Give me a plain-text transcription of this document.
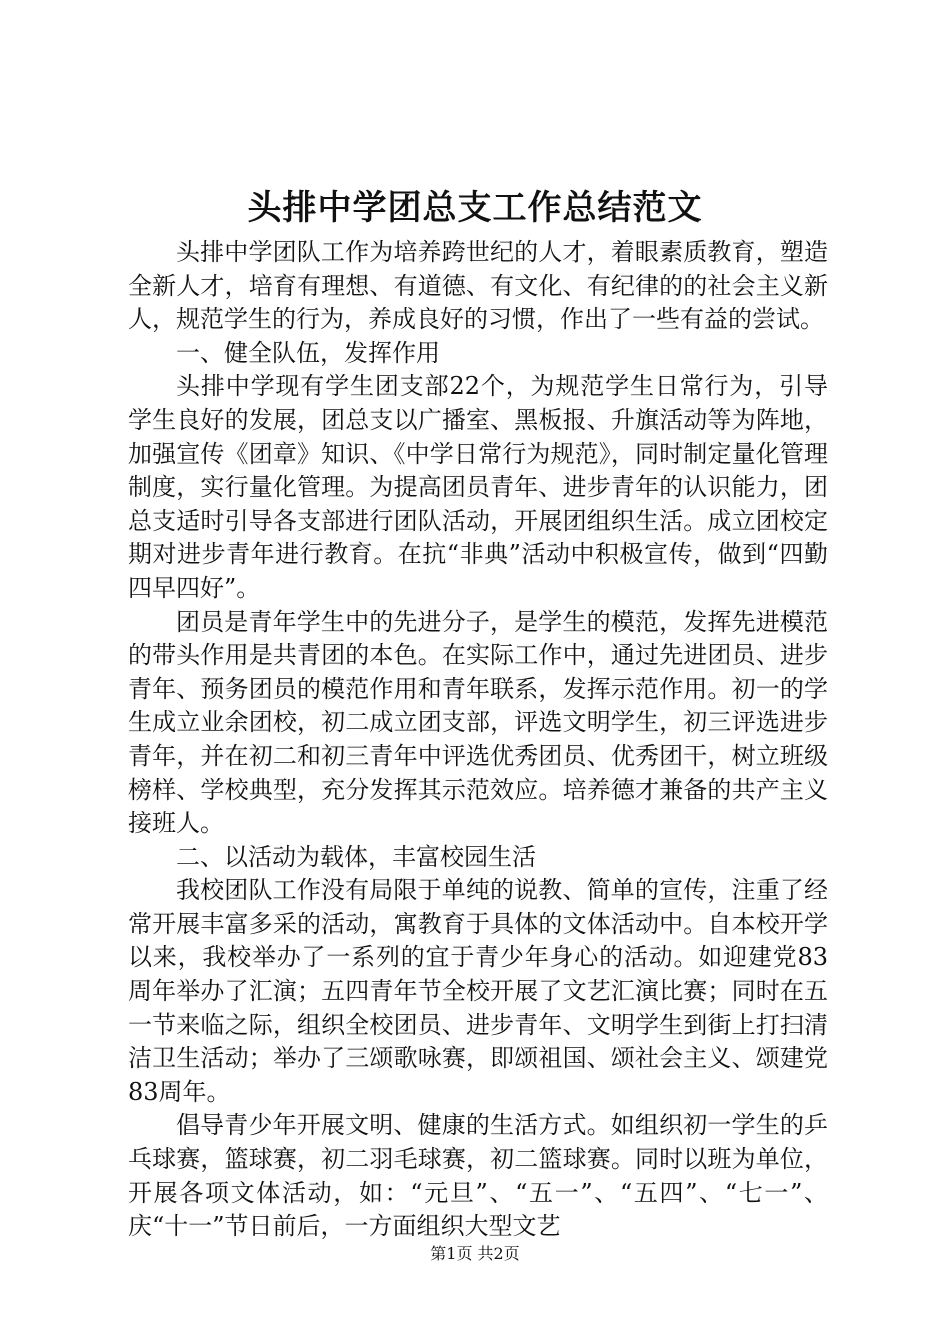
头排中学团总支工作总结范文

头排中学团队工作为培养跨世纪的人才，着眼素质教育，塑造全新人才，培育有理想、有道德、有文化、有纪律的的社会主义新人，规范学生的行为，养成良好的习惯，作出了一些有益的尝试。

一、健全队伍，发挥作用

头排中学现有学生团支部22个，为规范学生日常行为，引导学生良好的发展，团总支以广播室、黑板报、升旗活动等为阵地，加强宣传《团章》知识、《中学日常行为规范》，同时制定量化管理制度，实行量化管理。为提高团员青年、进步青年的认识能力，团总支适时引导各支部进行团队活动，开展团组织生活。成立团校定期对进步青年进行教育。在抗“非典”活动中积极宣传，做到“四勤四早四好”。

团员是青年学生中的先进分子，是学生的模范，发挥先进模范的带头作用是共青团的本色。在实际工作中，通过先进团员、进步青年、预务团员的模范作用和青年联系，发挥示范作用。初一的学生成立业余团校，初二成立团支部，评选文明学生，初三评选进步青年，并在初二和初三青年中评选优秀团员、优秀团干，树立班级榜样、学校典型，充分发挥其示范效应。培养德才兼备的共产主义接班人。

二、以活动为载体，丰富校园生活

我校团队工作没有局限于单纯的说教、简单的宣传，注重了经常开展丰富多采的活动，寓教育于具体的文体活动中。自本校开学以来，我校举办了一系列的宜于青少年身心的活动。如迎建党83周年举办了汇演；五四青年节全校开展了文艺汇演比赛；同时在五一节来临之际，组织全校团员、进步青年、文明学生到街上打扫清洁卫生活动；举办了三颂歌咏赛，即颂祖国、颂社会主义、颂建党83周年。

倡导青少年开展文明、健康的生活方式。如组织初一学生的乒乓球赛，篮球赛，初二羽毛球赛，初二篮球赛。同时以班为单位，开展各项文体活动，如：“元旦”、“五一”、“五四”、“七一”、庆“十一”节日前后，一方面组织大型文艺

第1页 共2页
